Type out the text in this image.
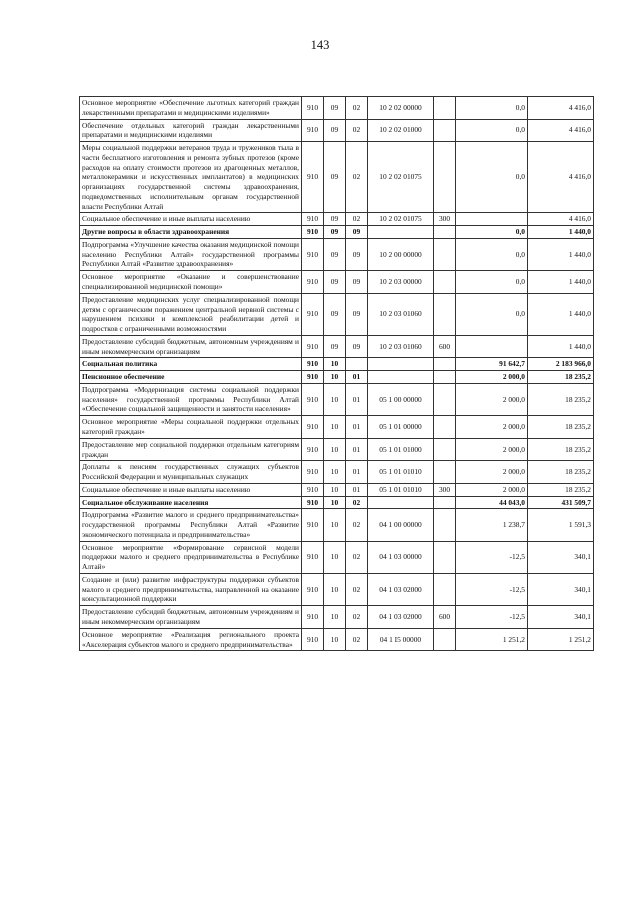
143
Основное мероприятие «Обеспечение льготных категорий граждан лекарственными препаратами и медицинскими изделиями»	910	09	02	10 2 02 00000		0,0	4 416,0
Обеспечение отдельных категорий граждан лекарственными препаратами и медицинскими изделиями	910	09	02	10 2 02 01000		0,0	4 416,0
Меры социальной поддержки ветеранов труда и тружеников тыла в части бесплатного изготовления и ремонта зубных протезов (кроме расходов на оплату стоимости протезов из драгоценных металлов, металлокерамики и искусственных имплантатов) в медицинских организациях государственной системы здравоохранения, подведомственных исполнительным органам государственной власти Республики Алтай	910	09	02	10 2 02 01075		0,0	4 416,0
Социальное обеспечение и иные выплаты населению	910	09	02	10 2 02 01075	300		4 416,0
Другие вопросы в области здравоохранения	910	09	09			0,0	1 440,0
Подпрограмма «Улучшение качества оказания медицинской помощи населению Республики Алтай» государственной программы Республики Алтай «Развитие здравоохранения»	910	09	09	10 2 00 00000		0,0	1 440,0
Основное мероприятие «Оказание и совершенствование специализированной медицинской помощи»	910	09	09	10 2 03 00000		0,0	1 440,0
Предоставление медицинских услуг специализированной помощи детям с органическим поражением центральной нервной системы с нарушением психики и комплексной реабилитации детей и подростков с ограниченными возможностями	910	09	09	10 2 03 01060		0,0	1 440,0
Предоставление субсидий бюджетным, автономным учреждениям и иным некоммерческим организациям	910	09	09	10 2 03 01060	600		1 440,0
Социальная политика	910	10				91 642,7	2 183 966,0
Пенсионное обеспечение	910	10	01			2 000,0	18 235,2
Подпрограмма «Модернизация системы социальной поддержки населения» государственной программы Республики Алтай «Обеспечение социальной защищенности и занятости населения»	910	10	01	05 1 00 00000		2 000,0	18 235,2
Основное мероприятие «Меры социальной поддержки отдельных категорий граждан»	910	10	01	05 1 01 00000		2 000,0	18 235,2
Предоставление мер социальной поддержки отдельным категориям граждан	910	10	01	05 1 01 01000		2 000,0	18 235,2
Доплаты к пенсиям государственных служащих субъектов Российской Федерации и муниципальных служащих	910	10	01	05 1 01 01010		2 000,0	18 235,2
Социальное обеспечение и иные выплаты населению	910	10	01	05 1 01 01010	300	2 000,0	18 235,2
Социальное обслуживание населения	910	10	02			44 043,0	431 509,7
Подпрограмма «Развитие малого и среднего предпринимательства» государственной программы Республики Алтай «Развитие экономического потенциала и предпринимательства»	910	10	02	04 1 00 00000		1 238,7	1 591,3
Основное мероприятие «Формирование сервисной модели поддержки малого и среднего предпринимательства в Республике Алтай»	910	10	02	04 1 03 00000		-12,5	340,1
Создание и (или) развитие инфраструктуры поддержки субъектов малого и среднего предпринимательства, направленной на оказание консультационной поддержки	910	10	02	04 1 03 02000		-12,5	340,1
Предоставление субсидий бюджетным, автономным учреждениям и иным некоммерческим организациям	910	10	02	04 1 03 02000	600	-12,5	340,1
Основное мероприятие «Реализация регионального проекта «Акселерация субъектов малого и среднего предпринимательства»	910	10	02	04 1 I5 00000		1 251,2	1 251,2
